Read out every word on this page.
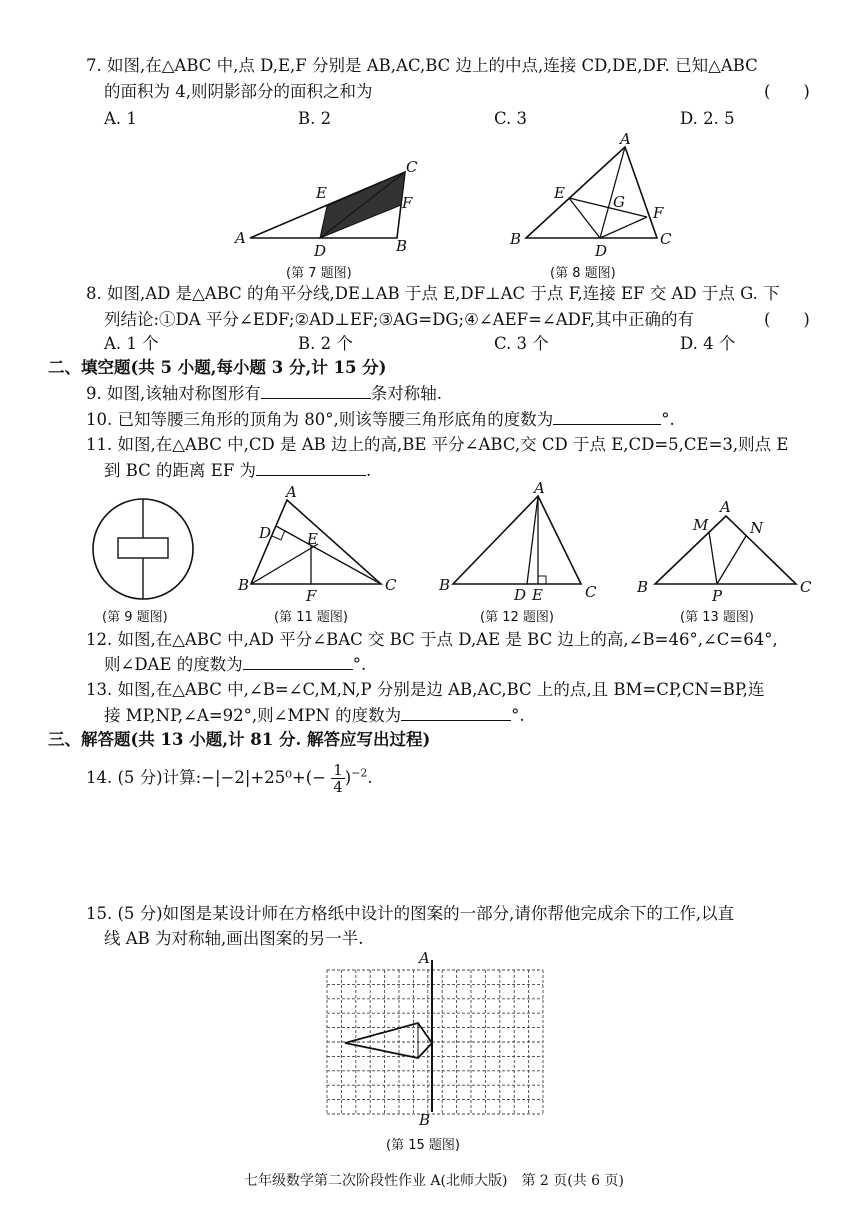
7. 如图,在△ABC 中,点 D,E,F 分别是 AB,AC,BC 边上的中点,连接 CD,DE,DF. 已知△ABC
的面积为 4,则阴影部分的面积之和为	(　　)
A. 1	B. 2	C. 3	D. 2. 5
A	B
C
D
E
F
(第 7 题图)
A
B	C
D
E
F
G
(第 8 题图)
8. 如图,AD 是△ABC 的角平分线,DE⊥AB 于点 E,DF⊥AC 于点 F,连接 EF 交 AD 于点 G. 下
列结论:①DA 平分∠EDF;②AD⊥EF;③AG=DG;④∠AEF=∠ADF,其中正确的有	(　　)
A. 1 个	B. 2 个	C. 3 个	D. 4 个
二、填空题(共 5 小题,每小题 3 分,计 15 分)
9. 如图,该轴对称图形有	条对称轴.
10. 已知等腰三角形的顶角为 80°,则该等腰三角形底角的度数为	°.
11. 如图,在△ABC 中,CD 是 AB 边上的高,BE 平分∠ABC,交 CD 于点 E,CD=5,CE=3,则点 E
到 BC 的距离 EF 为	.
(第 9 题图)
A
B	C
D E
F
(第 11 题图)
A
B	C
D E
(第 12 题图)
A
B	C
M	N
P
(第 13 题图)
12. 如图,在△ABC 中,AD 平分∠BAC 交 BC 于点 D,AE 是 BC 边上的高,∠B=46°,∠C=64°,
则∠DAE 的度数为	°.
13. 如图,在△ABC 中,∠B=∠C,M,N,P 分别是边 AB,AC,BC 上的点,且 BM=CP,CN=BP,连
接 MP,NP,∠A=92°,则∠MPN 的度数为	°.
三、解答题(共 13 小题,计 81 分. 解答应写出过程)
14. (5 分)计算:−|−2|+25⁰+(− $\frac{1}{4} )^{-2}$.
15. (5 分)如图是某设计师在方格纸中设计的图案的一部分,请你帮他完成余下的工作,以直
线 AB 为对称轴,画出图案的另一半.
A
B
(第 15 题图)
七年级数学第二次阶段性作业 A(北师大版)　第 2 页(共 6 页)
